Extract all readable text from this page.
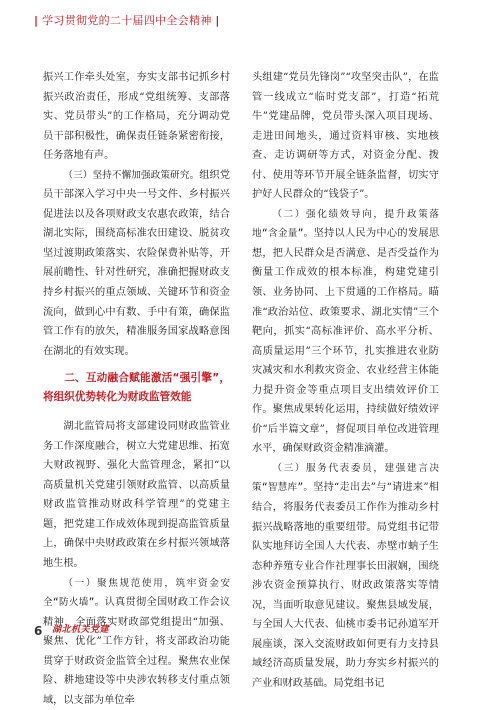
| 学习贯彻党的二十届四中全会精神 |

振兴工作牵头处室，夯实支部书记抓乡村振兴政治责任，形成“党组统筹、支部落实、党员带头”的工作格局，充分调动党员干部积极性，确保责任链条紧密衔接，任务落地有声。

（三）坚持不懈加强政策研究。组织党员干部深入学习中央一号文件、乡村振兴促进法以及各项财政支农惠农政策，结合湖北实际，围绕高标准农田建设、脱贫攻坚过渡期政策落实、农险保费补贴等，开展前瞻性、针对性研究，准确把握财政支持乡村振兴的重点领域、关键环节和资金流向，做到心中有数、手中有策，确保监管工作有的放矢，精准服务国家战略意图在湖北的有效实现。

二、互动融合赋能激活“强引擎”，将组织优势转化为财政监管效能

湖北监管局将支部建设同财政监管业务工作深度融合，树立大党建思维、拓宽大财政视野、强化大监管理念，紧扣“以高质量机关党建引领财政监管、以高质量财政监管推动财政科学管理”的党建主题，把党建工作成效体现到提高监管质量上，确保中央财政政策在乡村振兴领域落地生根。

（一）聚焦规范使用，筑牢资金安全“防火墙”。认真贯彻全国财政工作会议精神，全面落实财政部党组提出“加强、聚焦、优化”工作方针，将支部政治功能贯穿于财政资金监管全过程。聚焦农业保险、耕地建设等中央涉农转移支付重点领域，以支部为单位牵

头组建“党员先锋岗”“攻坚突击队”，在监管一线成立“临时党支部”，打造“拓荒牛”党建品牌，党员带头深入项目现场、走进田间地头，通过资料审核、实地核查、走访调研等方式，对资金分配、拨付、使用等环节开展全链条监督，切实守护好人民群众的“钱袋子”。

（二）强化绩效导向，提升政策落地“含金量”。坚持以人民为中心的发展思想，把人民群众是否满意、是否受益作为衡量工作成效的根本标准，构建党建引领、业务协同、上下贯通的工作格局。瞄准“政治站位、政策要求、湖北实情”三个靶向，抓实“高标准评价、高水平分析、高质量运用”三个环节，扎实推进农业防灾减灾和水利救灾资金、农业经营主体能力提升资金等重点项目支出绩效评价工作。聚焦成果转化运用，持续做好绩效评价“后半篇文章”，督促项目单位改进管理水平，确保财政资金精准滴灌。

（三）服务代表委员，建强建言决策“智慧库”。坚持“走出去”与“请进来”相结合，将服务代表委员工作作为推动乡村振兴战略落地的重要纽带。局党组书记带队实地拜访全国人大代表、赤壁市蚋子生态种养殖专业合作社理事长田淑娴，围绕涉农资金预算执行、财政政策落实等情况，当面听取意见建议。聚焦县域发展，与全国人大代表、仙桃市委书记孙道军开展座谈，深入交流财政如何更有力支持县域经济高质量发展，助力夯实乡村振兴的产业和财政基础。局党组书记

6 湖北机关党建
